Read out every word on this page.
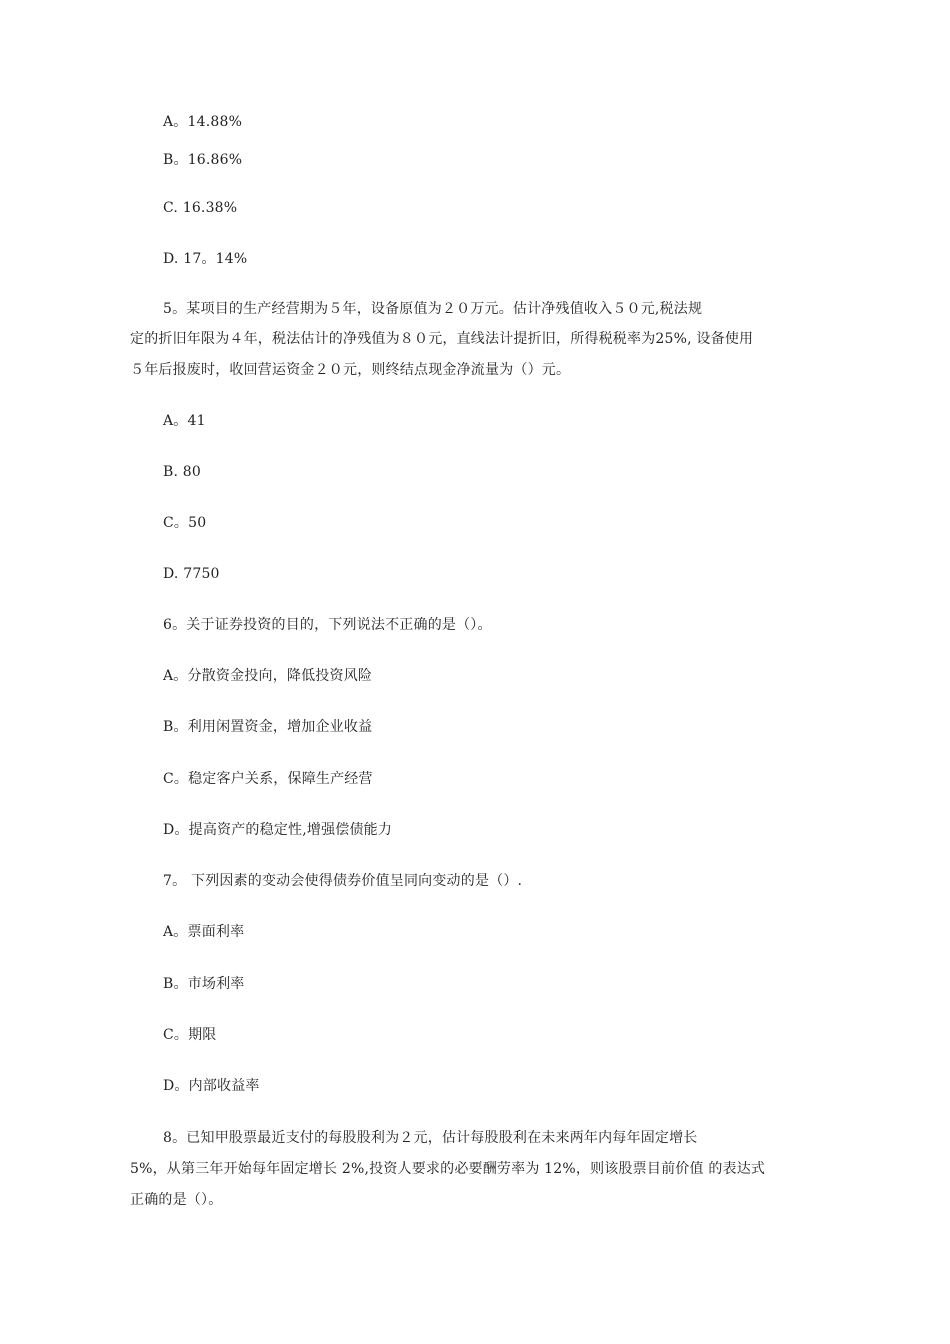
A。14.88%
B。16.86%
C. 16.38%
D. 17。14%
5。某项目的生产经营期为５年，设备原值为２０万元。估计净残值收入５０元,税法规
定的折旧年限为４年，税法估计的净残值为８０元，直线法计提折旧，所得税税率为25%, 设备使用
５年后报废时，收回营运资金２０元，则终结点现金净流量为（）元。
A。41
B. 80
C。50
D. 7750
6。关于证券投资的目的，下列说法不正确的是（）。
A。分散资金投向，降低投资风险
B。利用闲置资金，增加企业收益
C。稳定客户关系，保障生产经营
D。提高资产的稳定性,增强偿债能力
7。 下列因素的变动会使得债券价值呈同向变动的是（）.
A。票面利率
B。市场利率
C。期限
D。内部收益率
8。已知甲股票最近支付的每股股利为２元，估计每股股利在未来两年内每年固定增长
5%，从第三年开始每年固定增长 2%,投资人要求的必要酬劳率为 12%，则该股票目前价值 的表达式
正确的是（）。
